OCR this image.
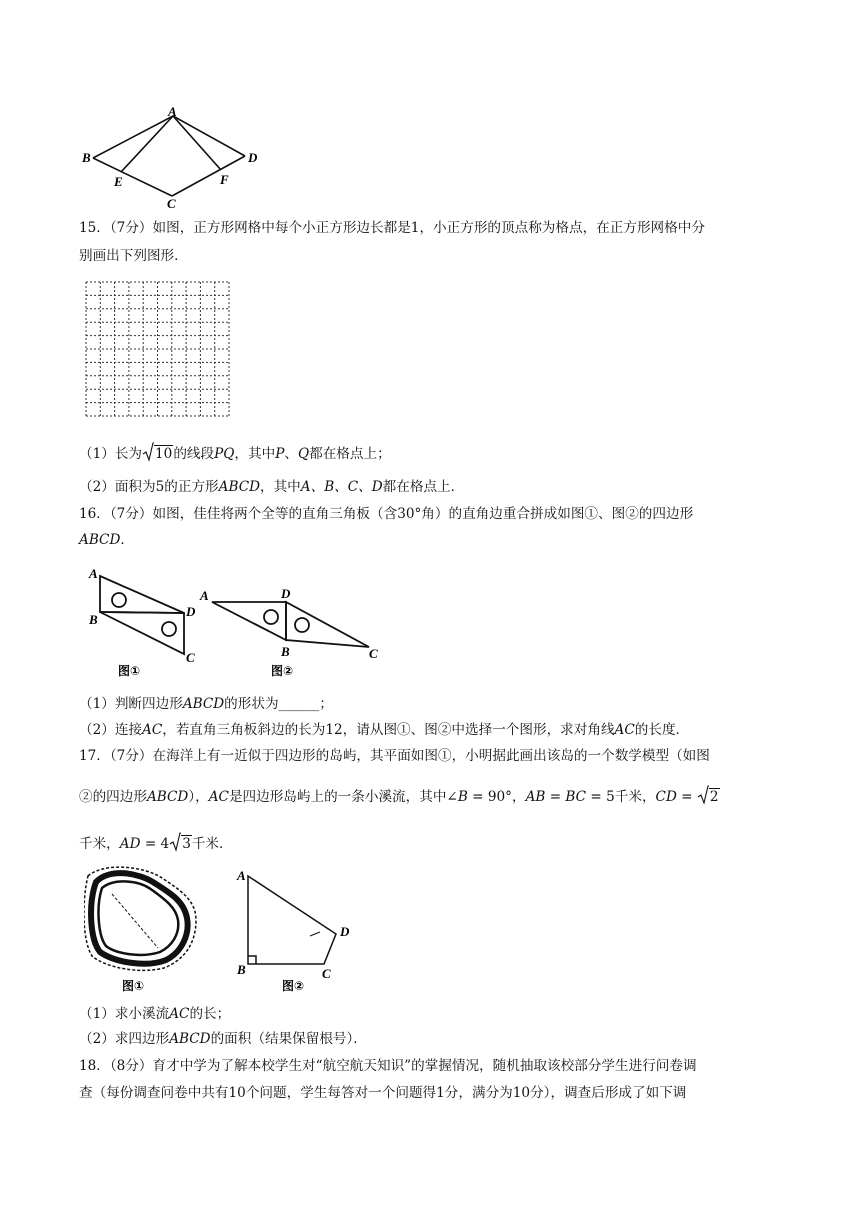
A
B	D
E	F
C
15．（7分）如图，正方形网格中每个小正方形边长都是1，小正方形的顶点称为格点，在正方形网格中分
别画出下列图形．
（1）长为 10的线段PQ，其中P、Q都在格点上；
（2）面积为5的正方形ABCD，其中A、B、C、D都在格点上．
16．（7分）如图，佳佳将两个全等的直角三角板（含30°角）的直角边重合拼成如图①、图②的四边形
ABCD．
A
B
D
C
图①
A	D
B	C
图②
（1）判断四边形ABCD的形状为______；
（2）连接AC，若直角三角板斜边的长为12，请从图①、图②中选择一个图形，求对角线AC的长度．
17．（7分）在海洋上有一近似于四边形的岛屿，其平面如图①，小明据此画出该岛的一个数学模型（如图
②的四边形ABCD），AC是四边形岛屿上的一条小溪流，其中∠B = 90°，AB = BC = 5千米，CD = 2
千米，AD = 4 3千米．
图①
A
D
B	C
图②
（1）求小溪流AC的长；
（2）求四边形ABCD的面积（结果保留根号）．
18．（8分）育才中学为了解本校学生对“航空航天知识”的掌握情况，随机抽取该校部分学生进行问卷调
查（每份调查问卷中共有10个问题，学生每答对一个问题得1分，满分为10分），调查后形成了如下调
